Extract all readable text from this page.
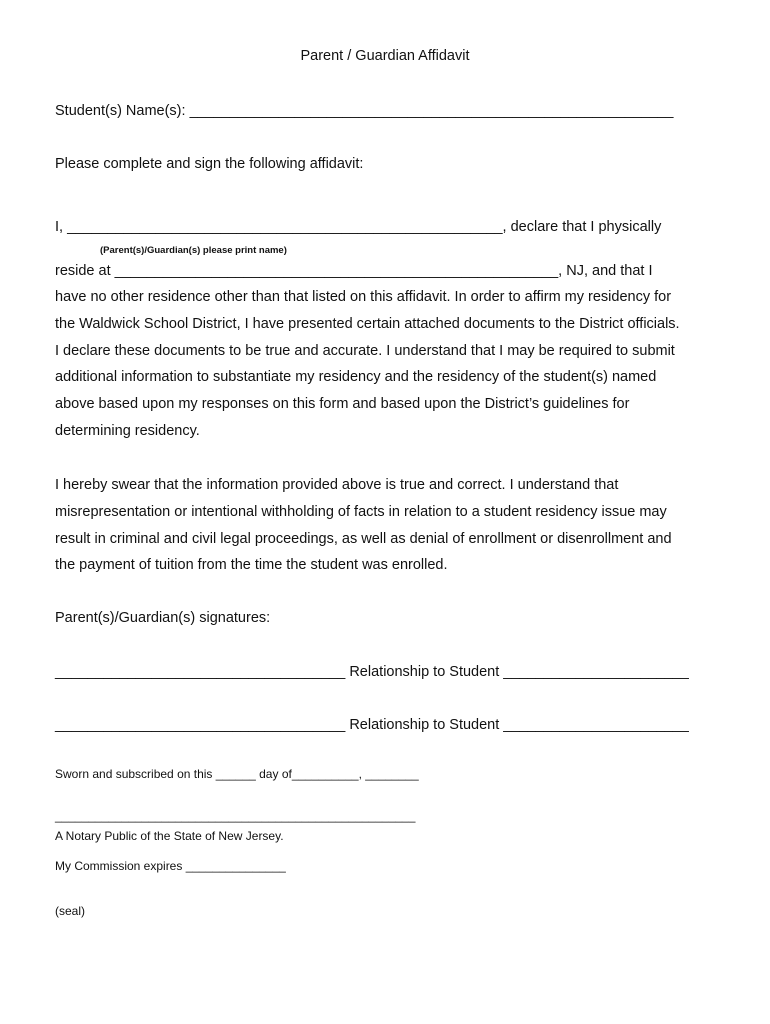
Parent / Guardian Affidavit
Student(s) Name(s): ____________________________________________________________
Please complete and sign the following affidavit:
I, ______________________________________________________, declare that I physically
(Parent(s)/Guardian(s) please print name)
reside at _______________________________________________________, NJ, and that I
have no other residence other than that listed on this affidavit. In order to affirm my residency for
the Waldwick School District, I have presented certain attached documents to the District officials.
I declare these documents to be true and accurate. I understand that I may be required to submit
additional information to substantiate my residency and the residency of the student(s) named
above based upon my responses on this form and based upon the District’s guidelines for
determining residency.
I hereby swear that the information provided above is true and correct. I understand that
misrepresentation or intentional withholding of facts in relation to a student residency issue may
result in criminal and civil legal proceedings, as well as denial of enrollment or disenrollment and
the payment of tuition from the time the student was enrolled.
Parent(s)/Guardian(s) signatures:
____________________________________ Relationship to Student _______________________
____________________________________ Relationship to Student _______________________
Sworn and subscribed on this ______ day of__________, ________
______________________________________________________
A Notary Public of the State of New Jersey.
My Commission expires _______________
(seal)
